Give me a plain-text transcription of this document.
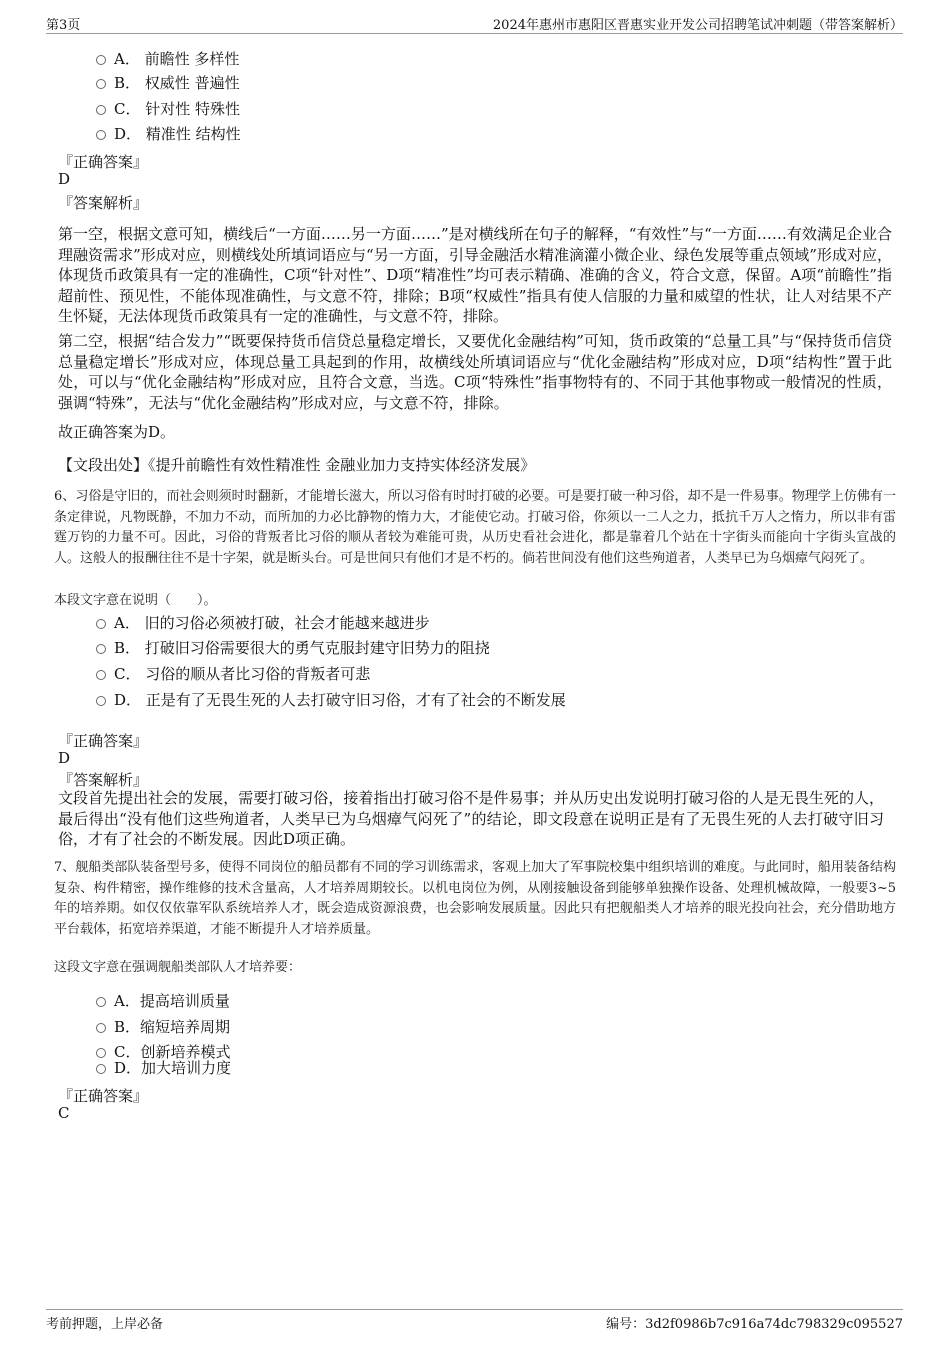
第3页	2024年惠州市惠阳区晋惠实业开发公司招聘笔试冲刺题（带答案解析）
A． 前瞻性 多样性
B． 权威性 普遍性
C． 针对性 特殊性
D． 精准性 结构性
『正确答案』
D
『答案解析』
第一空，根据文意可知，横线后“一方面……另一方面……”是对横线所在句子的解释，“有效性”与“一方面……有效满足企业合理融资需求”形成对应，则横线处所填词语应与“另一方面，引导金融活水精准滴灌小微企业、绿色发展等重点领域”形成对应，体现货币政策具有一定的准确性，C项“针对性”、D项“精准性”均可表示精确、准确的含义，符合文意，保留。A项“前瞻性”指超前性、预见性，不能体现准确性，与文意不符，排除；B项“权威性”指具有使人信服的力量和威望的性状，让人对结果不产生怀疑，无法体现货币政策具有一定的准确性，与文意不符，排除。
第二空，根据“结合发力”“既要保持货币信贷总量稳定增长，又要优化金融结构”可知，货币政策的“总量工具”与“保持货币信贷总量稳定增长”形成对应，体现总量工具起到的作用，故横线处所填词语应与“优化金融结构”形成对应，D项“结构性”置于此处，可以与“优化金融结构”形成对应，且符合文意，当选。C项“特殊性”指事物特有的、不同于其他事物或一般情况的性质，强调“特殊”，无法与“优化金融结构”形成对应，与文意不符，排除。
故正确答案为D。
【文段出处】《提升前瞻性有效性精准性 金融业加力支持实体经济发展》
6、习俗是守旧的，而社会则须时时翻新，才能增长滋大，所以习俗有时时打破的必要。可是要打破一种习俗，却不是一件易事。物理学上仿佛有一条定律说，凡物既静，不加力不动，而所加的力必比静物的惰力大，才能使它动。打破习俗，你须以一二人之力，抵抗千万人之惰力，所以非有雷霆万钧的力量不可。因此，习俗的背叛者比习俗的顺从者较为难能可贵，从历史看社会进化，都是靠着几个站在十字街头而能向十字街头宣战的人。这般人的报酬往往不是十字架，就是断头台。可是世间只有他们才是不朽的。倘若世间没有他们这些殉道者，人类早已为乌烟瘴气闷死了。
本段文字意在说明（　　）。
A． 旧的习俗必须被打破，社会才能越来越进步
B． 打破旧习俗需要很大的勇气克服封建守旧势力的阻挠
C． 习俗的顺从者比习俗的背叛者可悲
D． 正是有了无畏生死的人去打破守旧习俗，才有了社会的不断发展
『正确答案』
D
『答案解析』
文段首先提出社会的发展，需要打破习俗，接着指出打破习俗不是件易事；并从历史出发说明打破习俗的人是无畏生死的人，最后得出“没有他们这些殉道者，人类早已为乌烟瘴气闷死了”的结论，即文段意在说明正是有了无畏生死的人去打破守旧习俗，才有了社会的不断发展。因此D项正确。
7、舰船类部队装备型号多，使得不同岗位的船员都有不同的学习训练需求，客观上加大了军事院校集中组织培训的难度。与此同时，船用装备结构复杂、构件精密，操作维修的技术含量高，人才培养周期较长。以机电岗位为例，从刚接触设备到能够单独操作设备、处理机械故障，一般要3~5年的培养期。如仅仅依靠军队系统培养人才，既会造成资源浪费，也会影响发展质量。因此只有把舰船类人才培养的眼光投向社会，充分借助地方平台载体，拓宽培养渠道，才能不断提升人才培养质量。
这段文字意在强调舰船类部队人才培养要：
A．提高培训质量
B．缩短培养周期
C．创新培养模式
D．加大培训力度
『正确答案』
C
考前押题，上岸必备	编号：3d2f0986b7c916a74dc798329c095527
